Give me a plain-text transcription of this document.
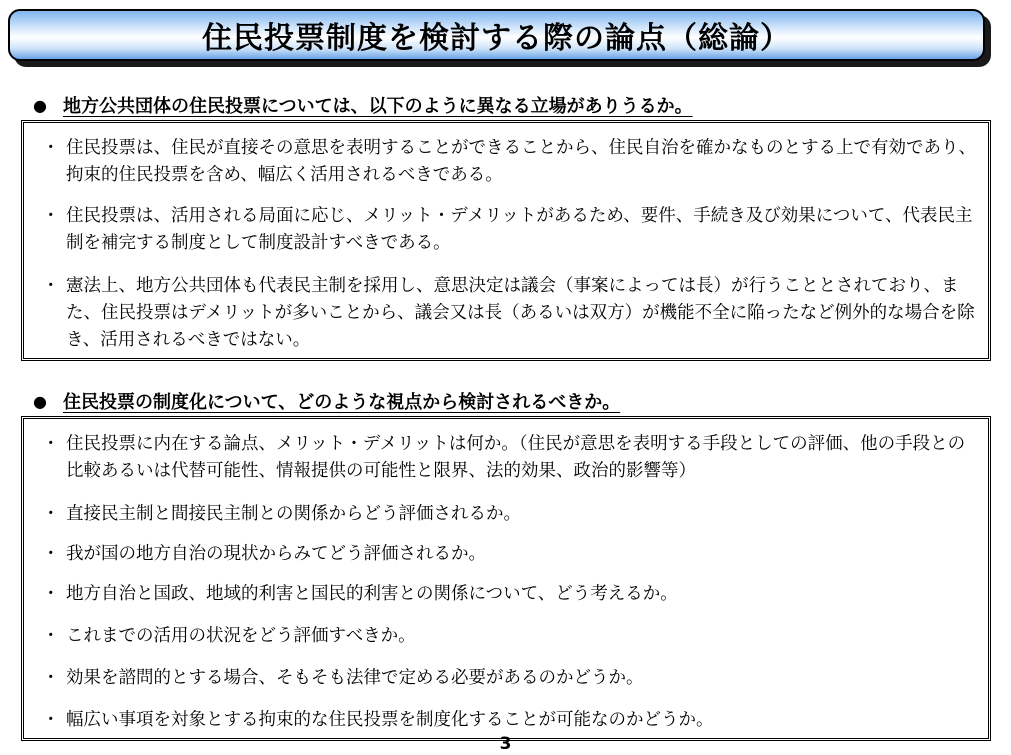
住民投票制度を検討する際の論点（総論）
● 地方公共団体の住民投票については、以下のように異なる立場がありうるか。
・ 住民投票は、住民が直接その意思を表明することができることから、住民自治を確かなものとする上で有効であり、拘束的住民投票を含め、幅広く活用されるべきである。
・ 住民投票は、活用される局面に応じ、メリット・デメリットがあるため、要件、手続き及び効果について、代表民主制を補完する制度として制度設計すべきである。
・ 憲法上、地方公共団体も代表民主制を採用し、意思決定は議会（事案によっては長）が行うこととされており、また、住民投票はデメリットが多いことから、議会又は長（あるいは双方）が機能不全に陥ったなど例外的な場合を除き、活用されるべきではない。
● 住民投票の制度化について、どのような視点から検討されるべきか。
・ 住民投票に内在する論点、メリット・デメリットは何か。（住民が意思を表明する手段としての評価、他の手段との比較あるいは代替可能性、情報提供の可能性と限界、法的効果、政治的影響等）
・ 直接民主制と間接民主制との関係からどう評価されるか。
・ 我が国の地方自治の現状からみてどう評価されるか。
・ 地方自治と国政、地域的利害と国民的利害との関係について、どう考えるか。
・ これまでの活用の状況をどう評価すべきか。
・ 効果を諮問的とする場合、そもそも法律で定める必要があるのかどうか。
・ 幅広い事項を対象とする拘束的な住民投票を制度化することが可能なのかどうか。
3
